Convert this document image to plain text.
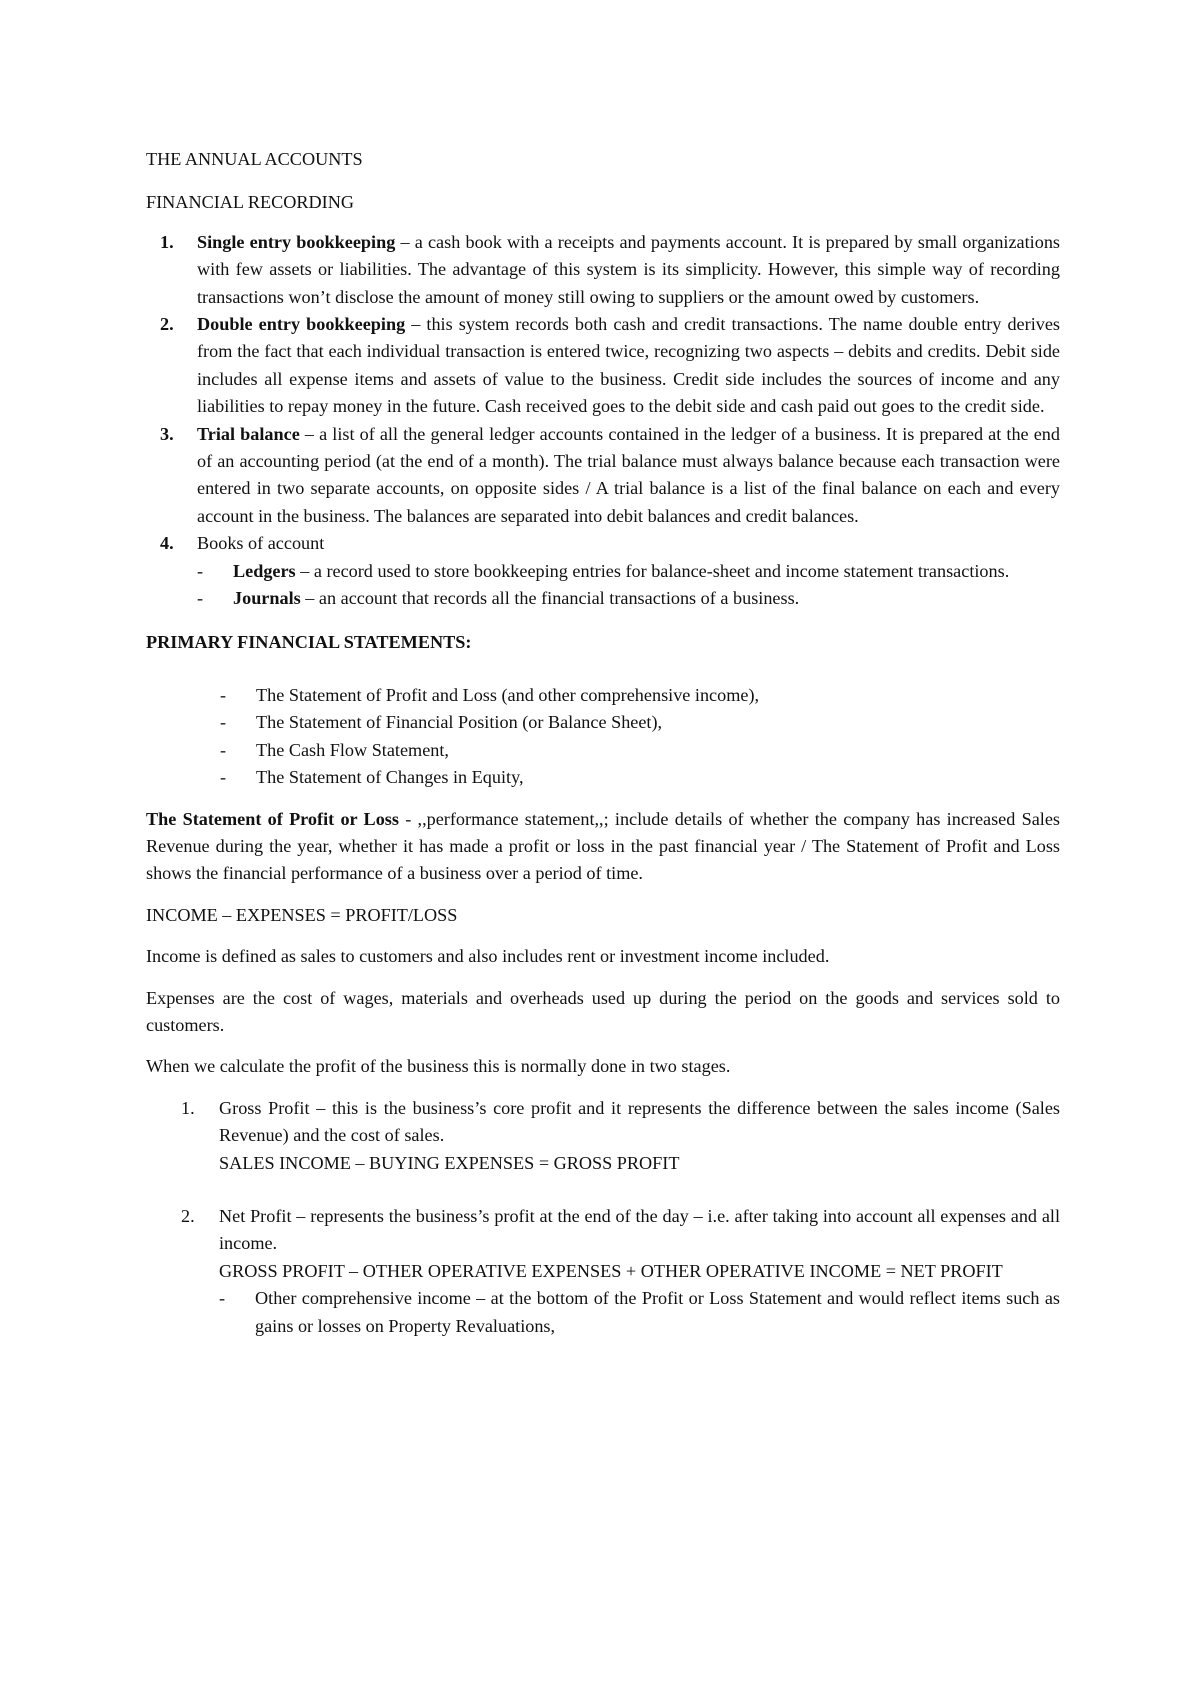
THE ANNUAL ACCOUNTS

FINANCIAL RECORDING

1. Single entry bookkeeping – a cash book with a receipts and payments account. It is prepared by small organizations with few assets or liabilities. The advantage of this system is its simplicity. However, this simple way of recording transactions won’t disclose the amount of money still owing to suppliers or the amount owed by customers.
2. Double entry bookkeeping – this system records both cash and credit transactions. The name double entry derives from the fact that each individual transaction is entered twice, recognizing two aspects – debits and credits. Debit side includes all expense items and assets of value to the business. Credit side includes the sources of income and any liabilities to repay money in the future. Cash received goes to the debit side and cash paid out goes to the credit side.
3. Trial balance – a list of all the general ledger accounts contained in the ledger of a business. It is prepared at the end of an accounting period (at the end of a month). The trial balance must always balance because each transaction were entered in two separate accounts, on opposite sides / A trial balance is a list of the final balance on each and every account in the business. The balances are separated into debit balances and credit balances.
4. Books of account
- Ledgers – a record used to store bookkeeping entries for balance-sheet and income statement transactions.
- Journals – an account that records all the financial transactions of a business.

PRIMARY FINANCIAL STATEMENTS:

- The Statement of Profit and Loss (and other comprehensive income),
- The Statement of Financial Position (or Balance Sheet),
- The Cash Flow Statement,
- The Statement of Changes in Equity,

The Statement of Profit or Loss - ,,performance statement,,; include details of whether the company has increased Sales Revenue during the year, whether it has made a profit or loss in the past financial year / The Statement of Profit and Loss shows the financial performance of a business over a period of time.

INCOME – EXPENSES = PROFIT/LOSS

Income is defined as sales to customers and also includes rent or investment income included.

Expenses are the cost of wages, materials and overheads used up during the period on the goods and services sold to customers.

When we calculate the profit of the business this is normally done in two stages.

1. Gross Profit – this is the business’s core profit and it represents the difference between the sales income (Sales Revenue) and the cost of sales.

SALES INCOME – BUYING EXPENSES = GROSS PROFIT

2. Net Profit – represents the business’s profit at the end of the day – i.e. after taking into account all expenses and all income.

GROSS PROFIT – OTHER OPERATIVE EXPENSES + OTHER OPERATIVE INCOME = NET PROFIT

- Other comprehensive income – at the bottom of the Profit or Loss Statement and would reflect items such as gains or losses on Property Revaluations,
